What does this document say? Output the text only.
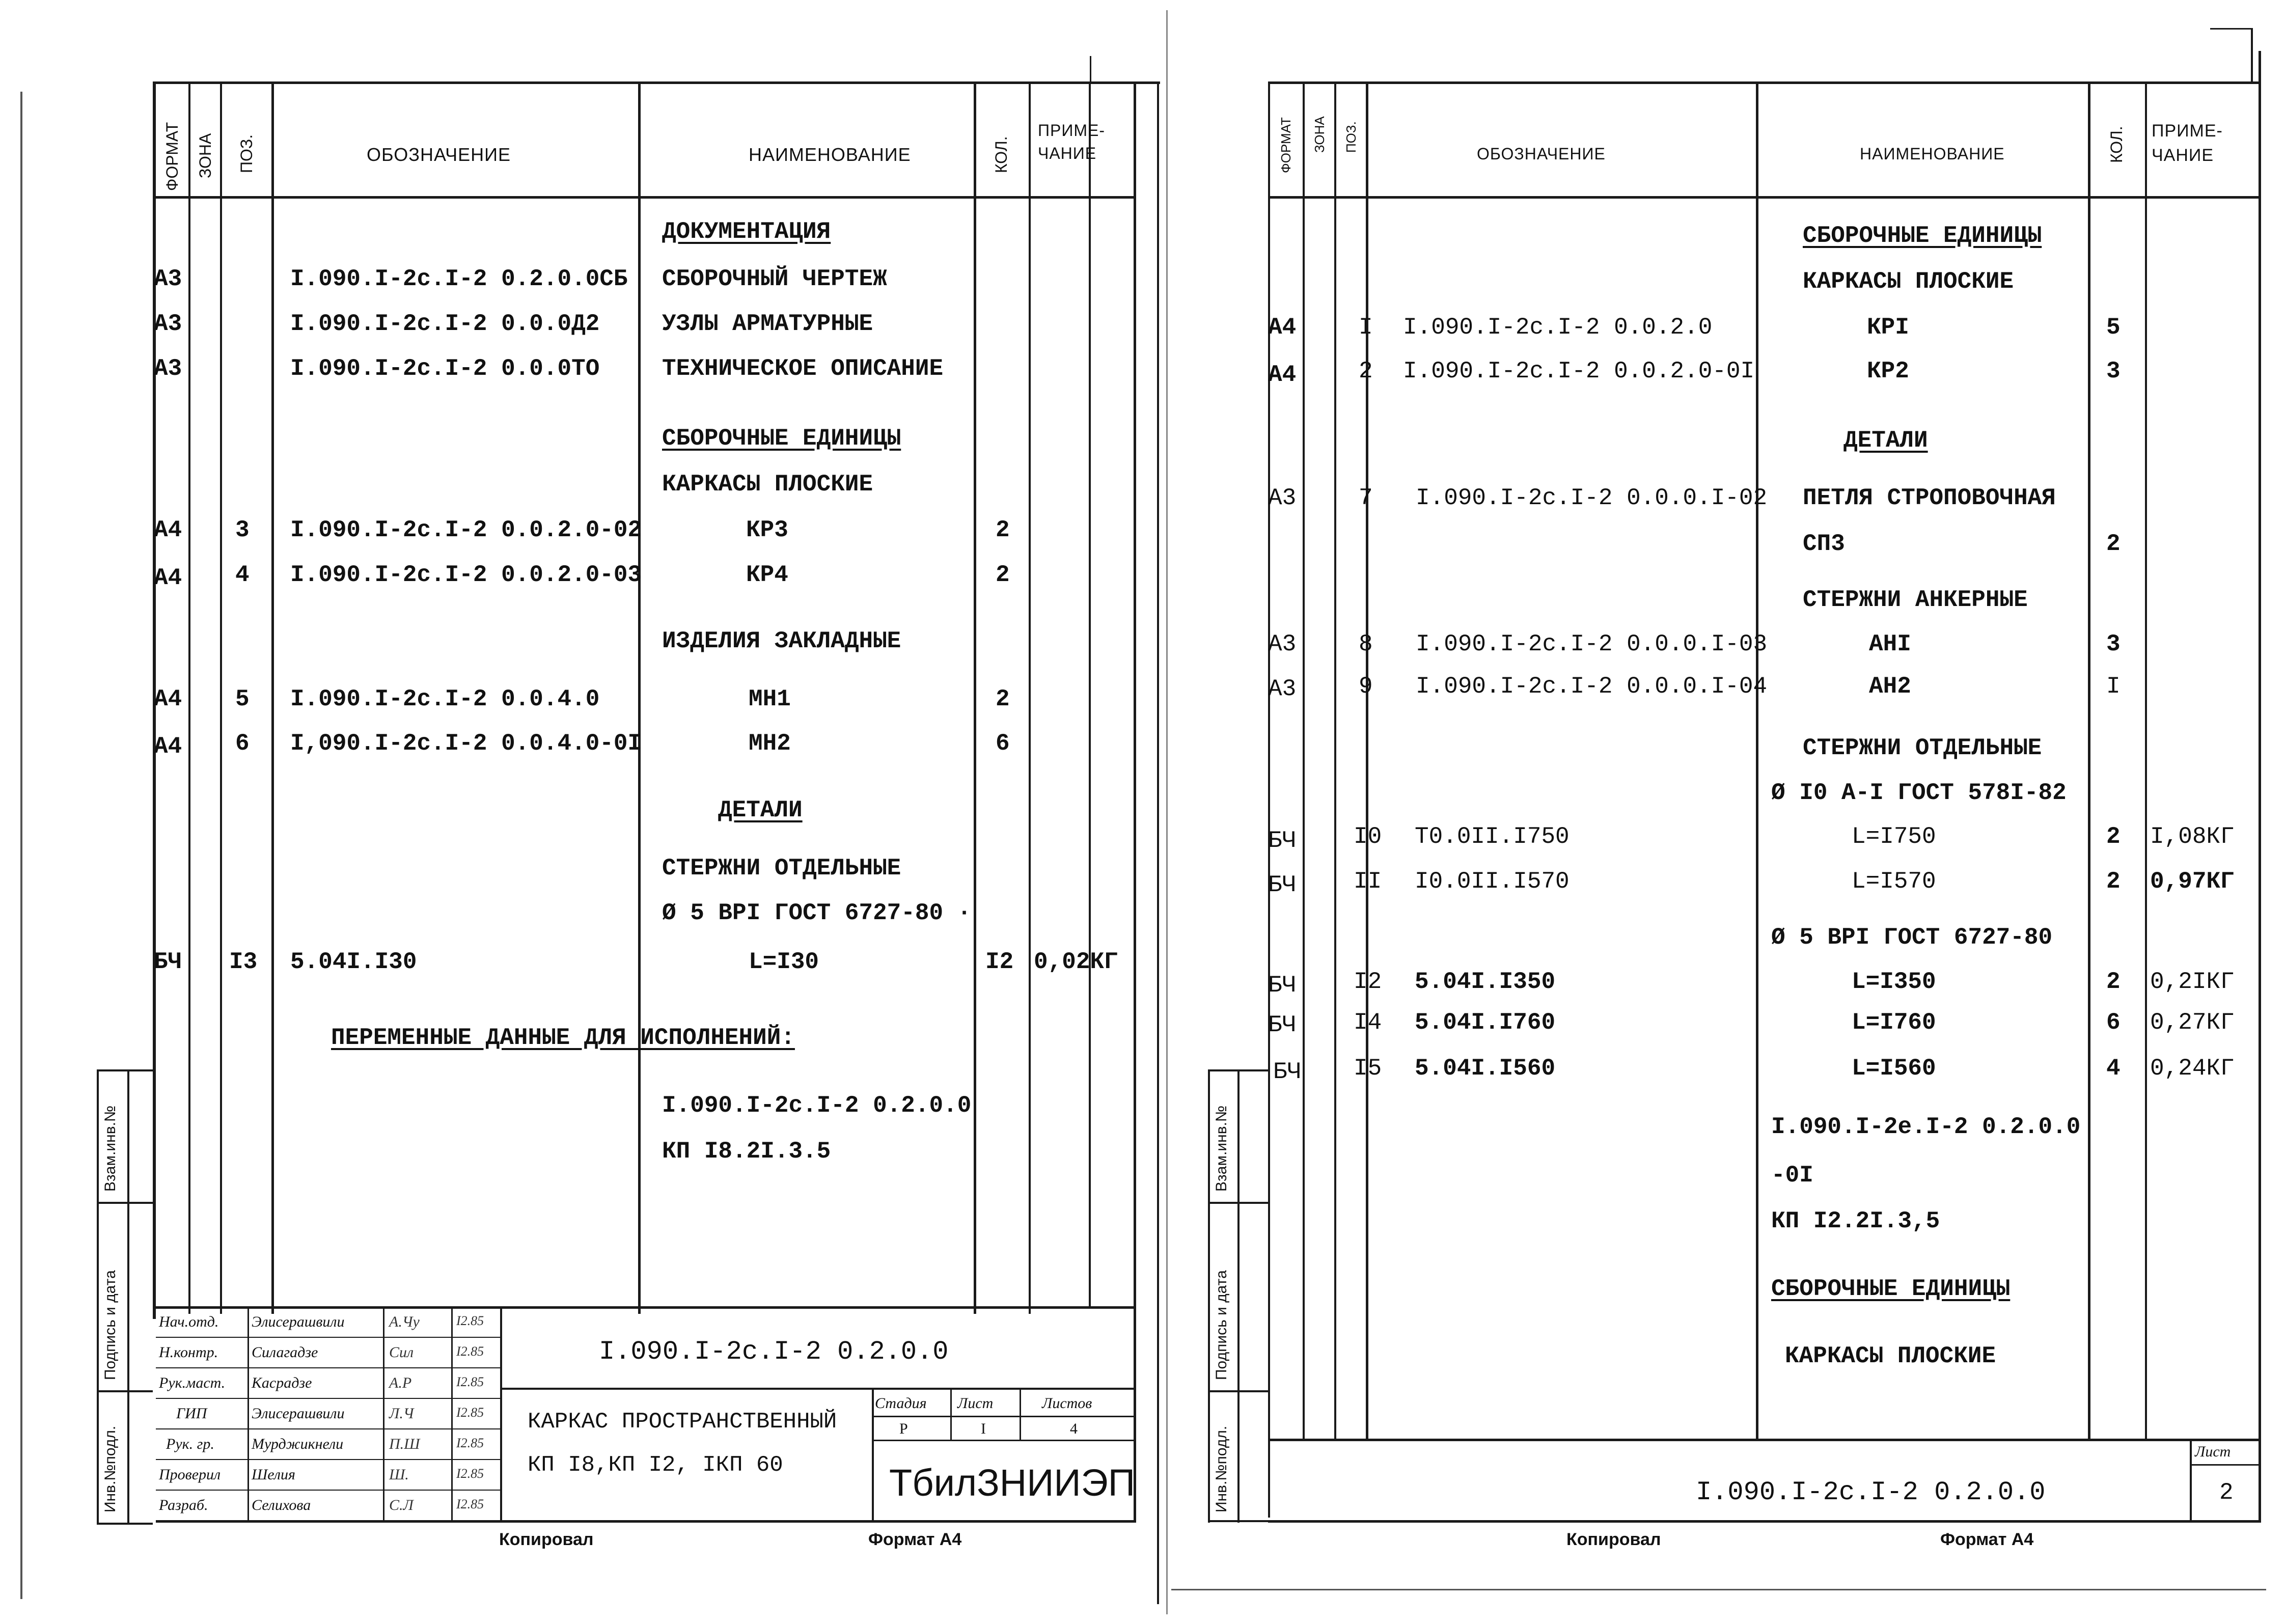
ФОРМАТ ЗОНА ПОЗ.	ОБОЗНАЧЕНИЕ	НАИМЕНОВАНИЕ	КОЛ.
ПРИМЕ-
ЧАНИЕ
ДОКУМЕНТАЦИЯ
А3	I.090.I-2с.I-2 0.2.0.0СБ СБОРОЧНЫЙ ЧЕРТЕЖ
А3	I.090.I-2с.I-2 0.0.0Д2	УЗЛЫ АРМАТУРНЫЕ
А3	I.090.I-2с.I-2 0.0.0ТО	ТЕХНИЧЕСКОЕ ОПИСАНИЕ
СБОРОЧНЫЕ ЕДИНИЦЫ
КАРКАСЫ ПЛОСКИЕ
А4 3 I.090.I-2с.I-2 0.0.2.0-02	КР3	2
А4 4 I.090.I-2с.I-2 0.0.2.0-03	КР4	2
ИЗДЕЛИЯ ЗАКЛАДНЫЕ
А4 5 I.090.I-2с.I-2 0.0.4.0	МН1	2
А4 6 I,090.I-2с.I-2 0.0.4.0-0I	МН2	6
ДЕТАЛИ
СТЕРЖНИ ОТДЕЛЬНЫЕ
Ø 5 ВРI ГОСТ 6727-80 ·
БЧ I3 5.04I.I30	L=I30	I2 0,02КГ
ПЕРЕМЕННЫЕ ДАННЫЕ ДЛЯ ИСПОЛНЕНИЙ:
I.090.I-2с.I-2 0.2.0.0
КП I8.2I.3.5
Взам.инв.№
Подпись и дата
Инв.№подл.
Нач.отд.
Н.контр.
Рук.маст.
ГИП
Рук. гр.
Проверил
Разраб.
Элисерашвили
Силагадзе
Касрадзе
Элисерашвили
Мурджикнели
Шелия
Селихова
А.Чу
Сил
А.Р
Л.Ч
П.Ш
Ш.
С.Л
I2.85
I2.85
I2.85
I2.85
I2.85
I2.85
I2.85
I.090.I-2с.I-2 0.2.0.0
КАРКАС ПРОСТРАНСТВЕННЫЙ
КП I8,КП I2, IКП 60
Стадия Лист	Листов
Р	I	4
ТбилЗНИИЭП
Копировал	Формат А4
ФОРМАТ ЗОНА ПОЗ.
ОБОЗНАЧЕНИЕ	НАИМЕНОВАНИЕ	КОЛ. ПРИМЕ-
ЧАНИЕ
СБОРОЧНЫЕ ЕДИНИЦЫ
КАРКАСЫ ПЛОСКИЕ
А4	I I.090.I-2с.I-2 0.0.2.0	КРI	5
А4	2 I.090.I-2с.I-2 0.0.2.0-0I	КР2	3
ДЕТАЛИ
А3	7 I.090.I-2с.I-2 0.0.0.I-02 ПЕТЛЯ СТРОПОВОЧНАЯ
СП3	2
СТЕРЖНИ АНКЕРНЫЕ
А3	8 I.090.I-2с.I-2 0.0.0.I-03	АНI	3
А3	9 I.090.I-2с.I-2 0.0.0.I-04	АН2	I
СТЕРЖНИ ОТДЕЛЬНЫЕ
Ø I0 А-I ГОСТ 578I-82
БЧ I0 Т0.0II.I750	L=I750	2 I,08КГ
БЧ II I0.0II.I570	L=I570	2 0,97КГ
Ø 5 ВРI ГОСТ 6727-80
БЧ I2 5.04I.I350	L=I350	2 0,2IКГ
БЧ I4 5.04I.I760	L=I760	6 0,27КГ
БЧ I5 5.04I.I560	L=I560	4 0,24КГ
I.090.I-2е.I-2 0.2.0.0
-0I
КП I2.2I.3,5
СБОРОЧНЫЕ ЕДИНИЦЫ
КАРКАСЫ ПЛОСКИЕ
Взам.инв.№
Подпись и дата
Инв.№подл.	I.090.I-2с.I-2 0.2.0.0
Лист
2
Копировал	Формат А4
